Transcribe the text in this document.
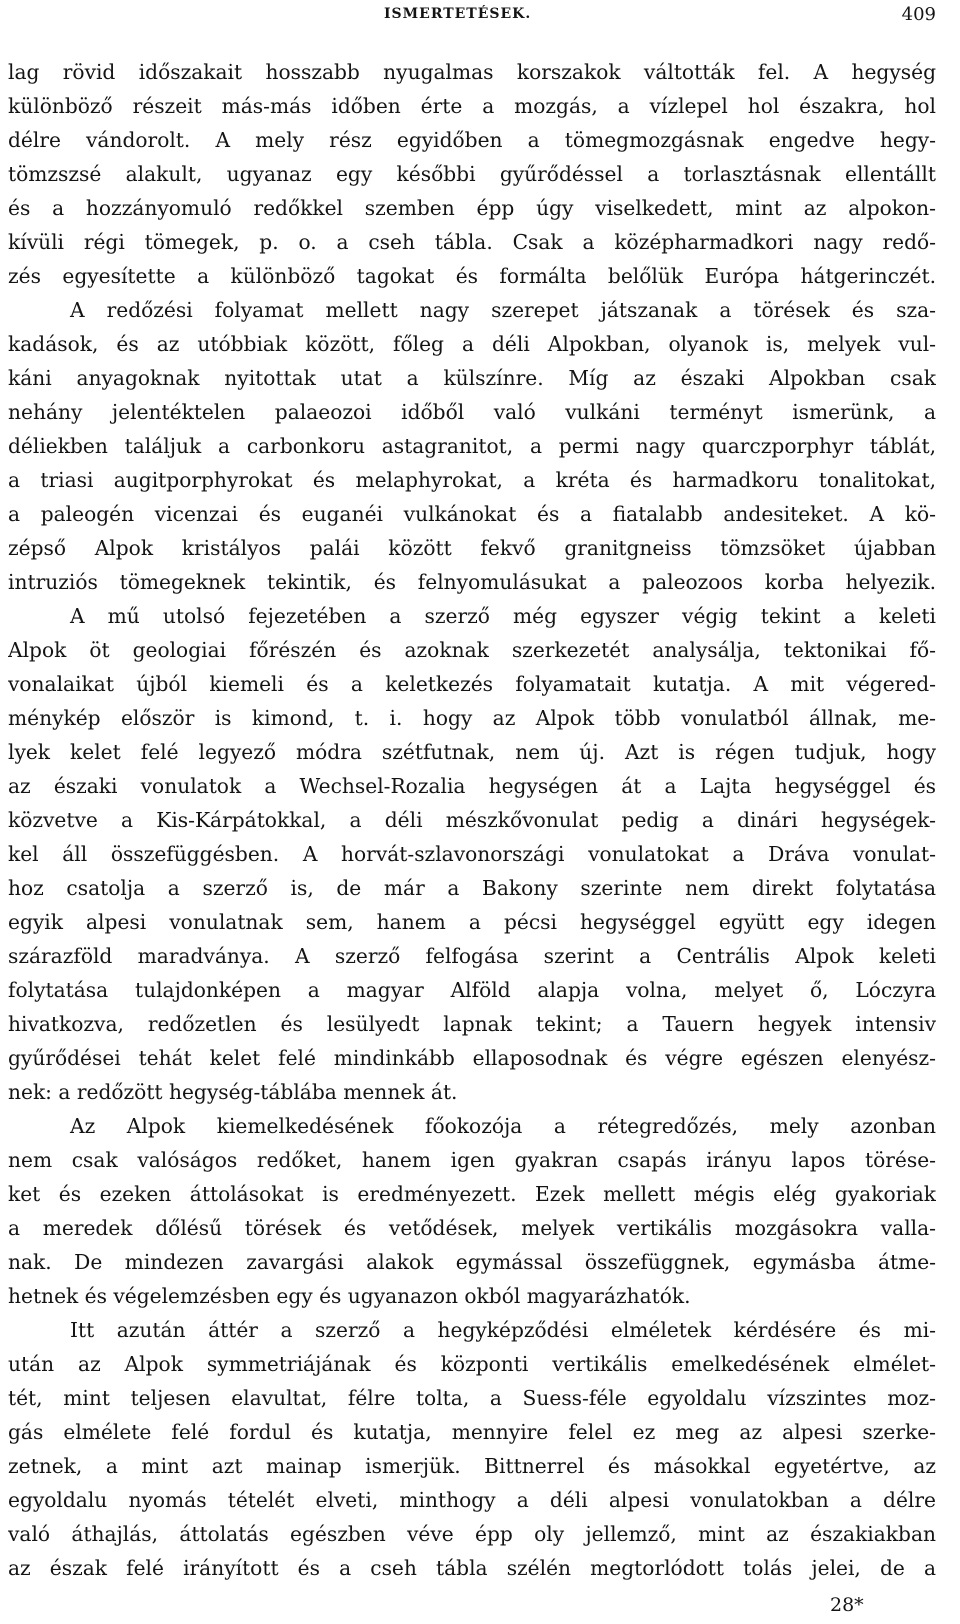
ISMERTETÉSEK.	409
lag rövid időszakait hosszabb nyugalmas korszakok váltották fel. A hegység
különböző részeit más-más időben érte a mozgás, a vízlepel hol északra, hol
délre vándorolt. A mely rész egyidőben a tömegmozgásnak engedve hegy-
tömzszsé alakult, ugyanaz egy későbbi gyűrődéssel a torlasztásnak ellentállt
és a hozzányomuló redőkkel szemben épp úgy viselkedett, mint az alpokon-
kívüli régi tömegek, p. o. a cseh tábla. Csak a középharmadkori nagy redő-
zés egyesítette a különböző tagokat és formálta belőlük Európa hátgerinczét.
A redőzési folyamat mellett nagy szerepet játszanak a törések és sza-
kadások, és az utóbbiak között, főleg a déli Alpokban, olyanok is, melyek vul-
káni anyagoknak nyitottak utat a külszínre. Míg az északi Alpokban csak
nehány jelentéktelen palaeozoi időből való vulkáni terményt ismerünk, a
déliekben találjuk a carbonkoru astagranitot, a permi nagy quarczporphyr táblát,
a triasi augitporphyrokat és melaphyrokat, a kréta és harmadkoru tonalitokat,
a paleogén vicenzai és euganéi vulkánokat és a fiatalabb andesiteket. A kö-
zépső Alpok kristályos palái között fekvő granitgneiss tömzsöket újabban
intruziós tömegeknek tekintik, és felnyomulásukat a paleozoos korba helyezik.
A mű utolsó fejezetében a szerző még egyszer végig tekint a keleti
Alpok öt geologiai főrészén és azoknak szerkezetét analysálja, tektonikai fő-
vonalaikat újból kiemeli és a keletkezés folyamatait kutatja. A mit végered-
ménykép először is kimond, t. i. hogy az Alpok több vonulatból állnak, me-
lyek kelet felé legyező módra szétfutnak, nem új. Azt is régen tudjuk, hogy
az északi vonulatok a Wechsel-Rozalia hegységen át a Lajta hegységgel és
közvetve a Kis-Kárpátokkal, a déli mészkővonulat pedig a dinári hegységek-
kel áll összefüggésben. A horvát-szlavonországi vonulatokat a Dráva vonulat-
hoz csatolja a szerző is, de már a Bakony szerinte nem direkt folytatása
egyik alpesi vonulatnak sem, hanem a pécsi hegységgel együtt egy idegen
szárazföld maradványa. A szerző felfogása szerint a Centrális Alpok keleti
folytatása tulajdonképen a magyar Alföld alapja volna, melyet ő, Lóczyra
hivatkozva, redőzetlen és lesülyedt lapnak tekint; a Tauern hegyek intensiv
gyűrődései tehát kelet felé mindinkább ellaposodnak és végre egészen elenyész-
nek: a redőzött hegység-táblába mennek át.
Az Alpok kiemelkedésének főokozója a rétegredőzés, mely azonban
nem csak valóságos redőket, hanem igen gyakran csapás irányu lapos törése-
ket és ezeken áttolásokat is eredményezett. Ezek mellett mégis elég gyakoriak
a meredek dőlésű törések és vetődések, melyek vertikális mozgásokra valla-
nak. De mindezen zavargási alakok egymással összefüggnek, egymásba átme-
hetnek és végelemzésben egy és ugyanazon okból magyarázhatók.
Itt azután áttér a szerző a hegyképződési elméletek kérdésére és mi-
után az Alpok symmetriájának és központi vertikális emelkedésének elmélet-
tét, mint teljesen elavultat, félre tolta, a Suess-féle egyoldalu vízszintes moz-
gás elmélete felé fordul és kutatja, mennyire felel ez meg az alpesi szerke-
zetnek, a mint azt mainap ismerjük. Bittnerrel és másokkal egyetértve, az
egyoldalu nyomás tételét elveti, minthogy a déli alpesi vonulatokban a délre
való áthajlás, áttolatás egészben véve épp oly jellemző, mint az északiakban
az észak felé irányított és a cseh tábla szélén megtorlódott tolás jelei, de a
28*
